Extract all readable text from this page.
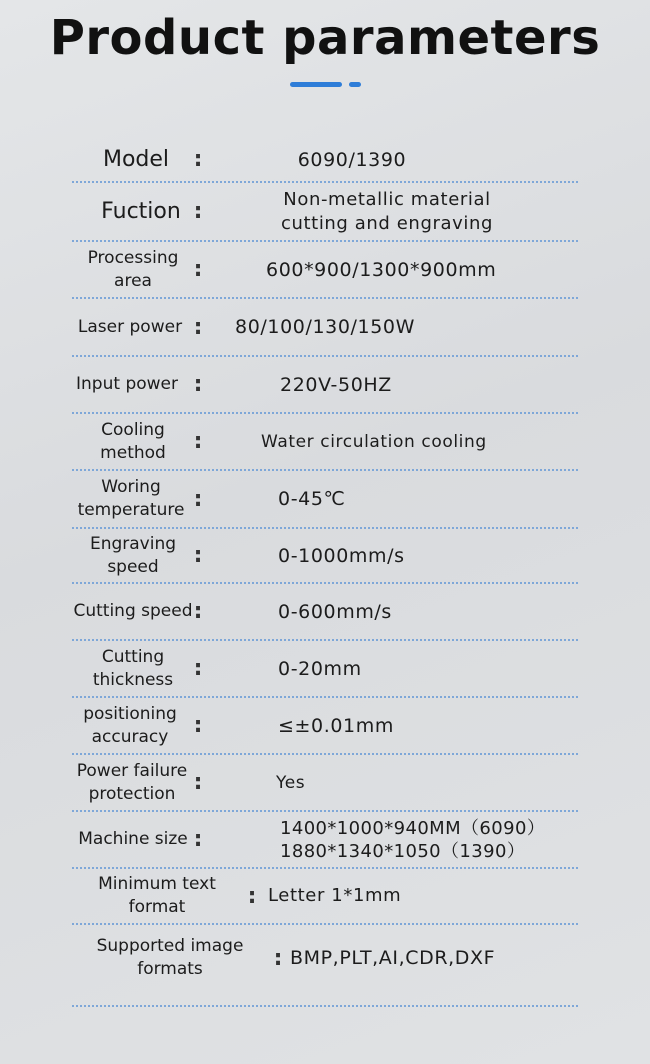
Product parameters
Model	:	6090/1390
Fuction :	Non-metallic material cutting and engraving
Processing area	:	600*900/1300*900mm
Laser power :	80/100/130/150W
Input power :	220V-50HZ
Cooling method	:	Water circulation cooling
Woring temperature :	0-45℃
Engraving speed	:	0-1000mm/s
Cutting speed :	0-600mm/s
Cutting thickness :	0-20mm
positioning accuracy	:	≤±0.01mm
Power failure protection :	Yes
Machine size :	1400*1000*940MM（6090） 1880*1340*1050（1390）
Minimum text format	: Letter 1*1mm
Supported image formats	: BMP,PLT,AI,CDR,DXF
